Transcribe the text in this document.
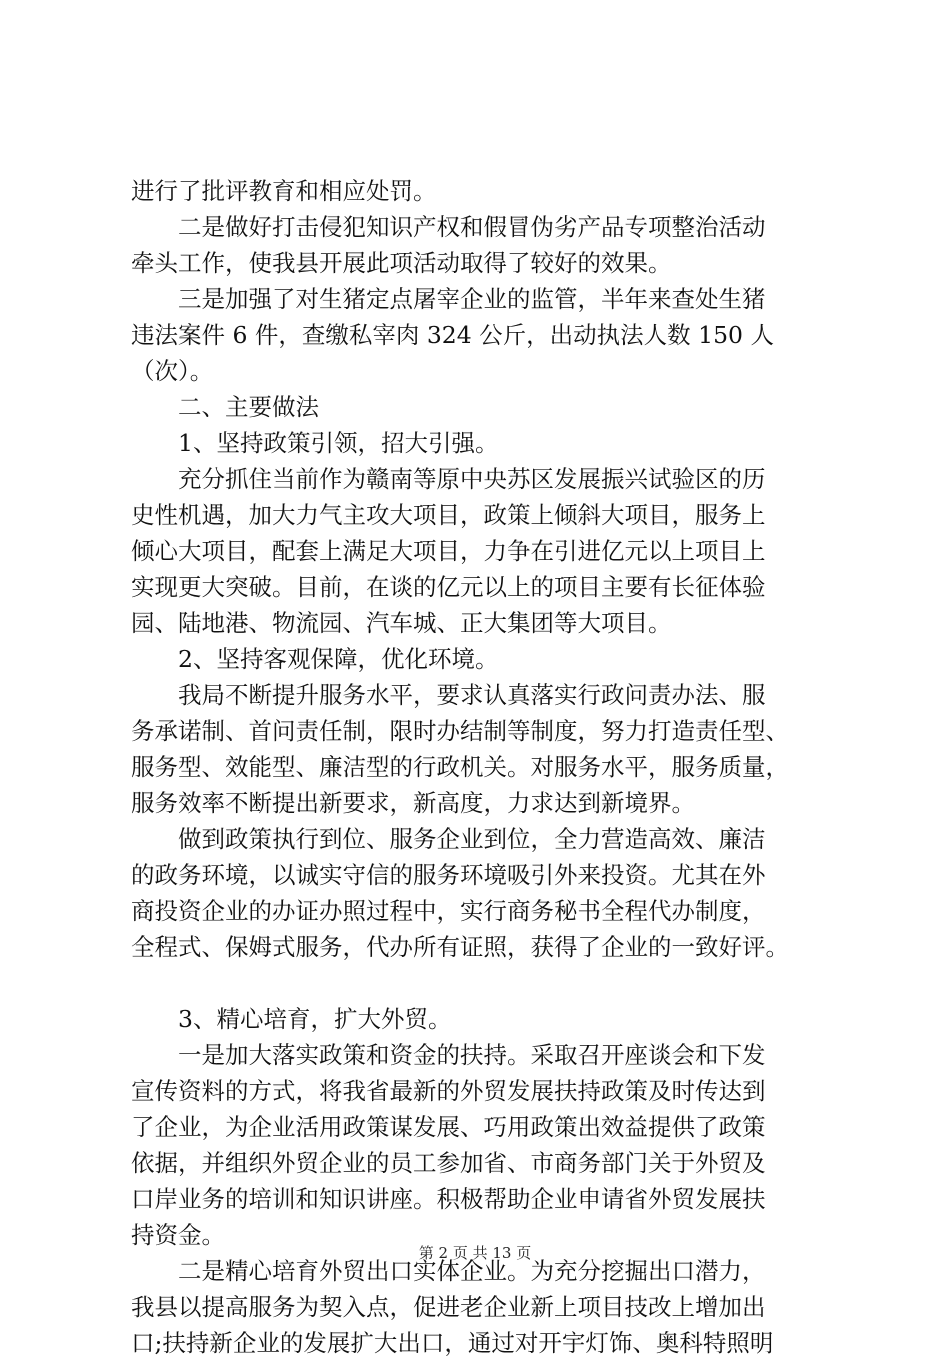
进行了批评教育和相应处罚。
二是做好打击侵犯知识产权和假冒伪劣产品专项整治活动
牵头工作，使我县开展此项活动取得了较好的效果。
三是加强了对生猪定点屠宰企业的监管，半年来查处生猪
违法案件 6 件，查缴私宰肉 324 公斤，出动执法人数 150 人
（次）。
二、主要做法
1、坚持政策引领，招大引强。
充分抓住当前作为赣南等原中央苏区发展振兴试验区的历
史性机遇，加大力气主攻大项目，政策上倾斜大项目，服务上
倾心大项目，配套上满足大项目，力争在引进亿元以上项目上
实现更大突破。目前，在谈的亿元以上的项目主要有长征体验
园、陆地港、物流园、汽车城、正大集团等大项目。
2、坚持客观保障，优化环境。
我局不断提升服务水平，要求认真落实行政问责办法、服
务承诺制、首问责任制，限时办结制等制度，努力打造责任型、
服务型、效能型、廉洁型的行政机关。对服务水平，服务质量，
服务效率不断提出新要求，新高度，力求达到新境界。
做到政策执行到位、服务企业到位，全力营造高效、廉洁
的政务环境，以诚实守信的服务环境吸引外来投资。尤其在外
商投资企业的办证办照过程中，实行商务秘书全程代办制度，
全程式、保姆式服务，代办所有证照，获得了企业的一致好评。
3、精心培育，扩大外贸。
一是加大落实政策和资金的扶持。采取召开座谈会和下发
宣传资料的方式，将我省最新的外贸发展扶持政策及时传达到
了企业，为企业活用政策谋发展、巧用政策出效益提供了政策
依据，并组织外贸企业的员工参加省、市商务部门关于外贸及
口岸业务的培训和知识讲座。积极帮助企业申请省外贸发展扶
持资金。
二是精心培育外贸出口实体企业。为充分挖掘出口潜力，
我县以提高服务为契入点，促进老企业新上项目技改上增加出
口;扶持新企业的发展扩大出口，通过对开宇灯饰、奥科特照明
第 2 页 共 13 页
